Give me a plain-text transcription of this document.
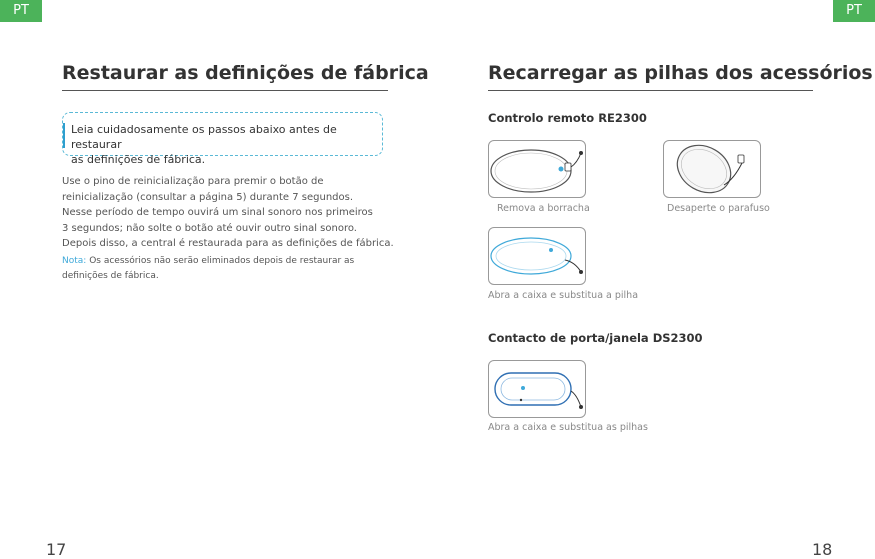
PT	PT
Restaurar as definições de fábrica
Leia cuidadosamente os passos abaixo antes de restaurar
as definições de fábrica.

Use o pino de reinicialização para premir o botão de
reinicialização (consultar a página 5) durante 7 segundos.
Nesse período de tempo ouvirá um sinal sonoro nos primeiros
3 segundos; não solte o botão até ouvir outro sinal sonoro.
Depois disso, a central é restaurada para as definições de fábrica.

Nota: Os acessórios não serão eliminados depois de restaurar as definições de fábrica.

17
Recarregar as pilhas dos acessórios
Controlo remoto RE2300
Remova a borracha	Desaperte o parafuso
Abra a caixa e substitua a pilha
Contacto de porta/janela DS2300
Abra a caixa e substitua as pilhas
18
